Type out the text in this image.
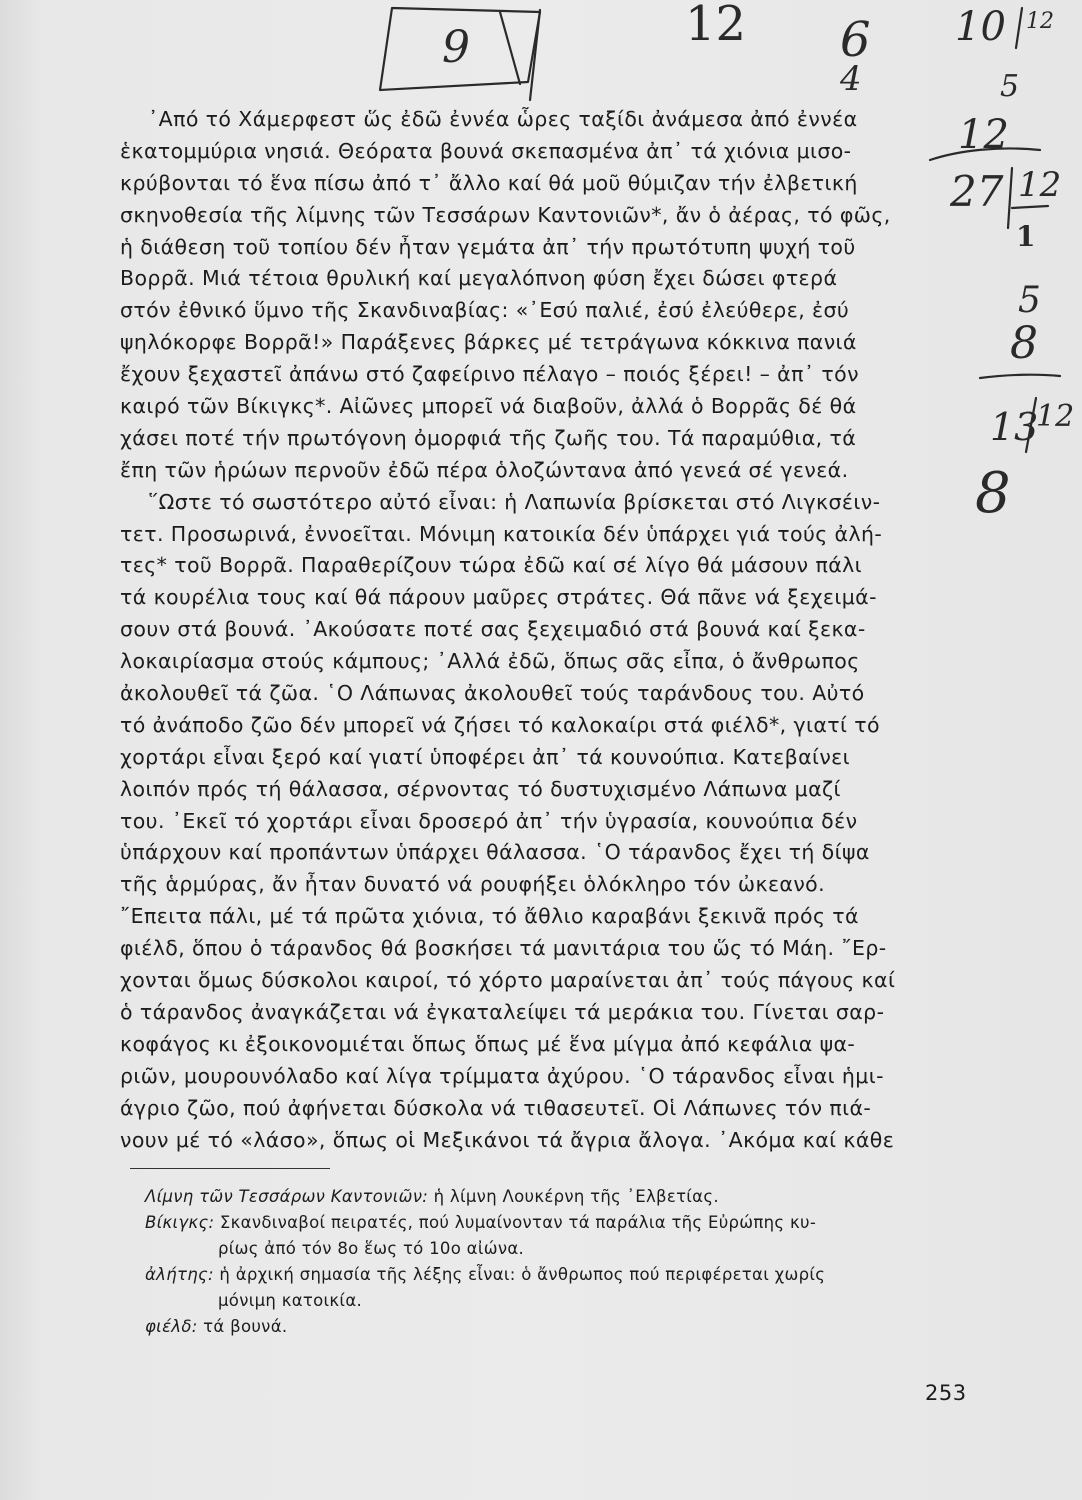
9	12 6
4
10 12
5
12
27 12
1
5
8
13
12
8
᾿Από τό Χάμερφεστ ὥς ἐδῶ ἐννέα ὧρες ταξίδι ἀνάμεσα ἀπό ἐννέα
ἑκατομμύρια νησιά. Θεόρατα βουνά σκεπασμένα ἀπ᾿ τά χιόνια μισο-
κρύβονται τό ἕνα πίσω ἀπό τ᾿ ἄλλο καί θά μοῦ θύμιζαν τήν ἐλβετική
σκηνοθεσία τῆς λίμνης τῶν Τεσσάρων Καντονιῶν*, ἄν ὁ ἀέρας, τό φῶς,
ἡ διάθεση τοῦ τοπίου δέν ἦταν γεμάτα ἀπ᾿ τήν πρωτότυπη ψυχή τοῦ
Βορρᾶ. Μιά τέτοια θρυλική καί μεγαλόπνοη φύση ἔχει δώσει φτερά
στόν ἐθνικό ὕμνο τῆς Σκανδιναβίας: «᾿Εσύ παλιέ, ἐσύ ἐλεύθερε, ἐσύ
ψηλόκορφε Βορρᾶ!» Παράξενες βάρκες μέ τετράγωνα κόκκινα πανιά
ἔχουν ξεχαστεῖ ἀπάνω στό ζαφείρινο πέλαγο – ποιός ξέρει! – ἀπ᾿ τόν
καιρό τῶν Βίκιγκς*. Αἰῶνες μπορεῖ νά διαβοῦν, ἀλλά ὁ Βορρᾶς δέ θά
χάσει ποτέ τήν πρωτόγονη ὀμορφιά τῆς ζωῆς του. Τά παραμύθια, τά
ἔπη τῶν ἡρώων περνοῦν ἐδῶ πέρα ὁλοζώντανα ἀπό γενεά σέ γενεά.
῞Ωστε τό σωστότερο αὐτό εἶναι: ἡ Λαπωνία βρίσκεται στό Λιγκσέιν-
τετ. Προσωρινά, ἐννοεῖται. Μόνιμη κατοικία δέν ὑπάρχει γιά τούς ἀλή-
τες* τοῦ Βορρᾶ. Παραθερίζουν τώρα ἐδῶ καί σέ λίγο θά μάσουν πάλι
τά κουρέλια τους καί θά πάρουν μαῦρες στράτες. Θά πᾶνε νά ξεχειμά-
σουν στά βουνά. ᾿Ακούσατε ποτέ σας ξεχειμαδιό στά βουνά καί ξεκα-
λοκαιρίασμα στούς κάμπους; ᾿Αλλά ἐδῶ, ὅπως σᾶς εἶπα, ὁ ἄνθρωπος
ἀκολουθεῖ τά ζῶα. ῾Ο Λάπωνας ἀκολουθεῖ τούς ταράνδους του. Αὐτό
τό ἀνάποδο ζῶο δέν μπορεῖ νά ζήσει τό καλοκαίρι στά φιέλδ*, γιατί τό
χορτάρι εἶναι ξερό καί γιατί ὑποφέρει ἀπ᾿ τά κουνούπια. Κατεβαίνει
λοιπόν πρός τή θάλασσα, σέρνοντας τό δυστυχισμένο Λάπωνα μαζί
του. ᾿Εκεῖ τό χορτάρι εἶναι δροσερό ἀπ᾿ τήν ὑγρασία, κουνούπια δέν
ὑπάρχουν καί προπάντων ὑπάρχει θάλασσα. ῾Ο τάρανδος ἔχει τή δίψα
τῆς ἁρμύρας, ἄν ἦταν δυνατό νά ρουφήξει ὁλόκληρο τόν ὠκεανό.
῎Επειτα πάλι, μέ τά πρῶτα χιόνια, τό ἄθλιο καραβάνι ξεκινᾶ πρός τά
φιέλδ, ὅπου ὁ τάρανδος θά βοσκήσει τά μανιτάρια του ὥς τό Μάη. ῎Ερ-
χονται ὅμως δύσκολοι καιροί, τό χόρτο μαραίνεται ἀπ᾿ τούς πάγους καί
ὁ τάρανδος ἀναγκάζεται νά ἐγκαταλείψει τά μεράκια του. Γίνεται σαρ-
κοφάγος κι ἐξοικονομιέται ὅπως ὅπως μέ ἕνα μίγμα ἀπό κεφάλια ψα-
ριῶν, μουρουνόλαδο καί λίγα τρίμματα ἀχύρου. ῾Ο τάρανδος εἶναι ἡμι-
άγριο ζῶο, πού ἀφήνεται δύσκολα νά τιθασευτεῖ. Οἱ Λάπωνες τόν πιά-
νουν μέ τό «λάσο», ὅπως οἱ Μεξικάνοι τά ἄγρια ἄλογα. ᾿Ακόμα καί κάθε
Λίμνη τῶν Τεσσάρων Καντονιῶν: ἡ λίμνη Λουκέρνη τῆς ᾿Ελβετίας.
Βίκιγκς: Σκανδιναβοί πειρατές, πού λυμαίνονταν τά παράλια τῆς Εὐρώπης κυ-
ρίως ἀπό τόν 8ο ἕως τό 10ο αἰώνα.
ἀλήτης: ἡ ἀρχική σημασία τῆς λέξης εἶναι: ὁ ἄνθρωπος πού περιφέρεται χωρίς
μόνιμη κατοικία.
φιέλδ: τά βουνά.
253
